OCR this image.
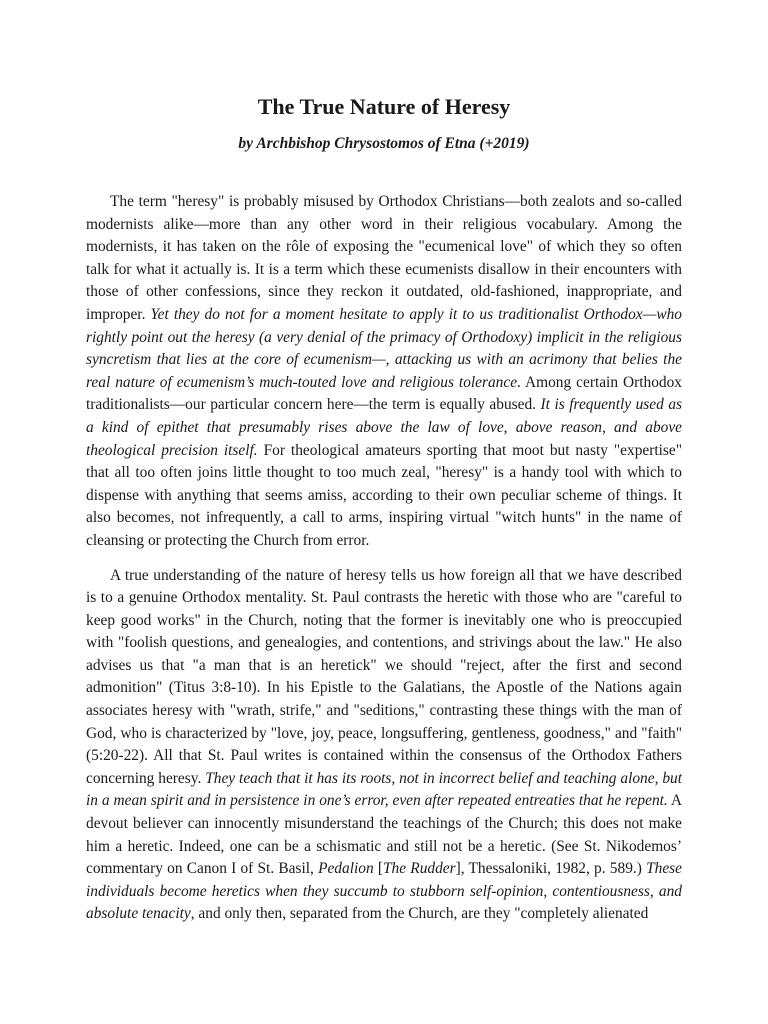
The True Nature of Heresy
by Archbishop Chrysostomos of Etna (+2019)

The term "heresy" is probably misused by Orthodox Christians—both zealots and so-called modernists alike—more than any other word in their religious vocabulary. Among the modernists, it has taken on the rôle of exposing the "ecumenical love" of which they so often talk for what it actually is. It is a term which these ecumenists disallow in their encounters with those of other confessions, since they reckon it outdated, old-fashioned, inappropriate, and improper. Yet they do not for a moment hesitate to apply it to us traditionalist Orthodox—who rightly point out the heresy (a very denial of the primacy of Orthodoxy) implicit in the religious syncretism that lies at the core of ecumenism—, attacking us with an acrimony that belies the real nature of ecumenism’s much-touted love and religious tolerance. Among certain Orthodox traditionalists—our particular concern here—the term is equally abused. It is frequently used as a kind of epithet that presumably rises above the law of love, above reason, and above theological precision itself. For theological amateurs sporting that moot but nasty "expertise" that all too often joins little thought to too much zeal, "heresy" is a handy tool with which to dispense with anything that seems amiss, according to their own peculiar scheme of things. It also becomes, not infrequently, a call to arms, inspiring virtual "witch hunts" in the name of cleansing or protecting the Church from error.

A true understanding of the nature of heresy tells us how foreign all that we have described is to a genuine Orthodox mentality. St. Paul contrasts the heretic with those who are "careful to keep good works" in the Church, noting that the former is inevitably one who is preoccupied with "foolish questions, and genealogies, and contentions, and strivings about the law." He also advises us that "a man that is an heretick" we should "reject, after the first and second admonition" (Titus 3:8-10). In his Epistle to the Galatians, the Apostle of the Nations again associates heresy with "wrath, strife," and "seditions," contrasting these things with the man of God, who is characterized by "love, joy, peace, longsuffering, gentleness, goodness," and "faith" (5:20-22). All that St. Paul writes is contained within the consensus of the Orthodox Fathers concerning heresy. They teach that it has its roots, not in incorrect belief and teaching alone, but in a mean spirit and in persistence in one’s error, even after repeated entreaties that he repent. A devout believer can innocently misunderstand the teachings of the Church; this does not make him a heretic. Indeed, one can be a schismatic and still not be a heretic. (See St. Nikodemos’ commentary on Canon I of St. Basil, Pedalion [The Rudder], Thessaloniki, 1982, p. 589.) These individuals become heretics when they succumb to stubborn self-opinion, contentiousness, and absolute tenacity, and only then, separated from the Church, are they "completely alienated
